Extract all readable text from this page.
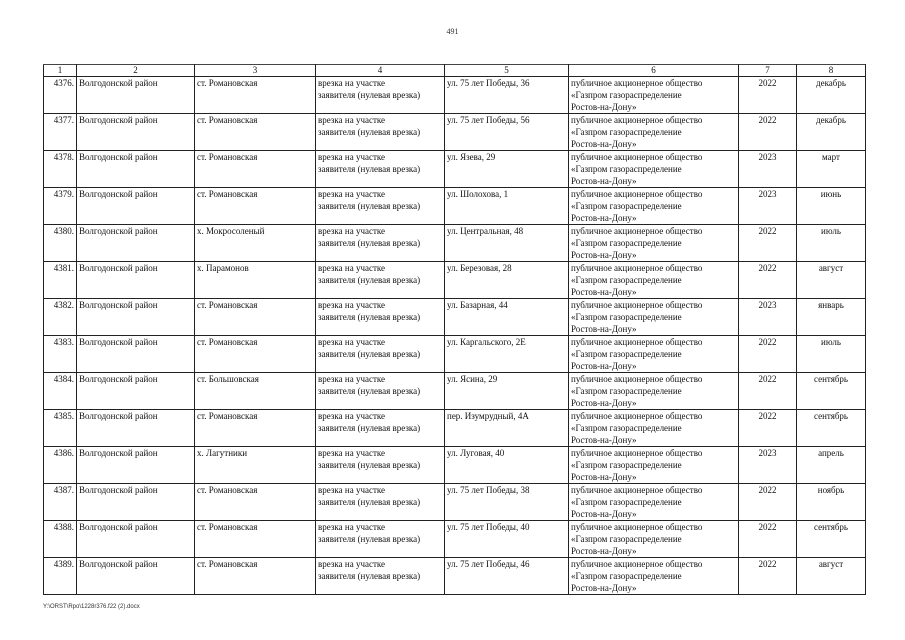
491
1	2	3	4	5	6	7	8
4376.	Волгодонской район	ст. Романовская	врезка на участке
заявителя (нулевая врезка)	ул. 75 лет Победы, 36	публичное акционерное общество
«Газпром газораспределение
Ростов-на-Дону»	2022	декабрь
4377.	Волгодонской район	ст. Романовская	врезка на участке
заявителя (нулевая врезка)	ул. 75 лет Победы, 56	публичное акционерное общество
«Газпром газораспределение
Ростов-на-Дону»	2022	декабрь
4378.	Волгодонской район	ст. Романовская	врезка на участке
заявителя (нулевая врезка)	ул. Язева, 29	публичное акционерное общество
«Газпром газораспределение
Ростов-на-Дону»	2023	март
4379.	Волгодонской район	ст. Романовская	врезка на участке
заявителя (нулевая врезка)	ул. Шолохова, 1	публичное акционерное общество
«Газпром газораспределение
Ростов-на-Дону»	2023	июнь
4380.	Волгодонской район	х. Мокросоленый	врезка на участке
заявителя (нулевая врезка)	ул. Центральная, 48	публичное акционерное общество
«Газпром газораспределение
Ростов-на-Дону»	2022	июль
4381.	Волгодонской район	х. Парамонов	врезка на участке
заявителя (нулевая врезка)	ул. Березовая, 28	публичное акционерное общество
«Газпром газораспределение
Ростов-на-Дону»	2022	август
4382.	Волгодонской район	ст. Романовская	врезка на участке
заявителя (нулевая врезка)	ул. Базарная, 44	публичное акционерное общество
«Газпром газораспределение
Ростов-на-Дону»	2023	январь
4383.	Волгодонской район	ст. Романовская	врезка на участке
заявителя (нулевая врезка)	ул. Каргальского, 2Е	публичное акционерное общество
«Газпром газораспределение
Ростов-на-Дону»	2022	июль
4384.	Волгодонской район	ст. Большовская	врезка на участке
заявителя (нулевая врезка)	ул. Ясина, 29	публичное акционерное общество
«Газпром газораспределение
Ростов-на-Дону»	2022	сентябрь
4385.	Волгодонской район	ст. Романовская	врезка на участке
заявителя (нулевая врезка)	пер. Изумрудный, 4А	публичное акционерное общество
«Газпром газораспределение
Ростов-на-Дону»	2022	сентябрь
4386.	Волгодонской район	х. Лагутники	врезка на участке
заявителя (нулевая врезка)	ул. Луговая, 40	публичное акционерное общество
«Газпром газораспределение
Ростов-на-Дону»	2023	апрель
4387.	Волгодонской район	ст. Романовская	врезка на участке
заявителя (нулевая врезка)	ул. 75 лет Победы, 38	публичное акционерное общество
«Газпром газораспределение
Ростов-на-Дону»	2022	ноябрь
4388.	Волгодонской район	ст. Романовская	врезка на участке
заявителя (нулевая врезка)	ул. 75 лет Победы, 40	публичное акционерное общество
«Газпром газораспределение
Ростов-на-Дону»	2022	сентябрь
4389.	Волгодонской район	ст. Романовская	врезка на участке
заявителя (нулевая врезка)	ул. 75 лет Победы, 46	публичное акционерное общество
«Газпром газораспределение
Ростов-на-Дону»	2022	август
Y:\ORST\Rpo\1228r376.f22 (2).docx
